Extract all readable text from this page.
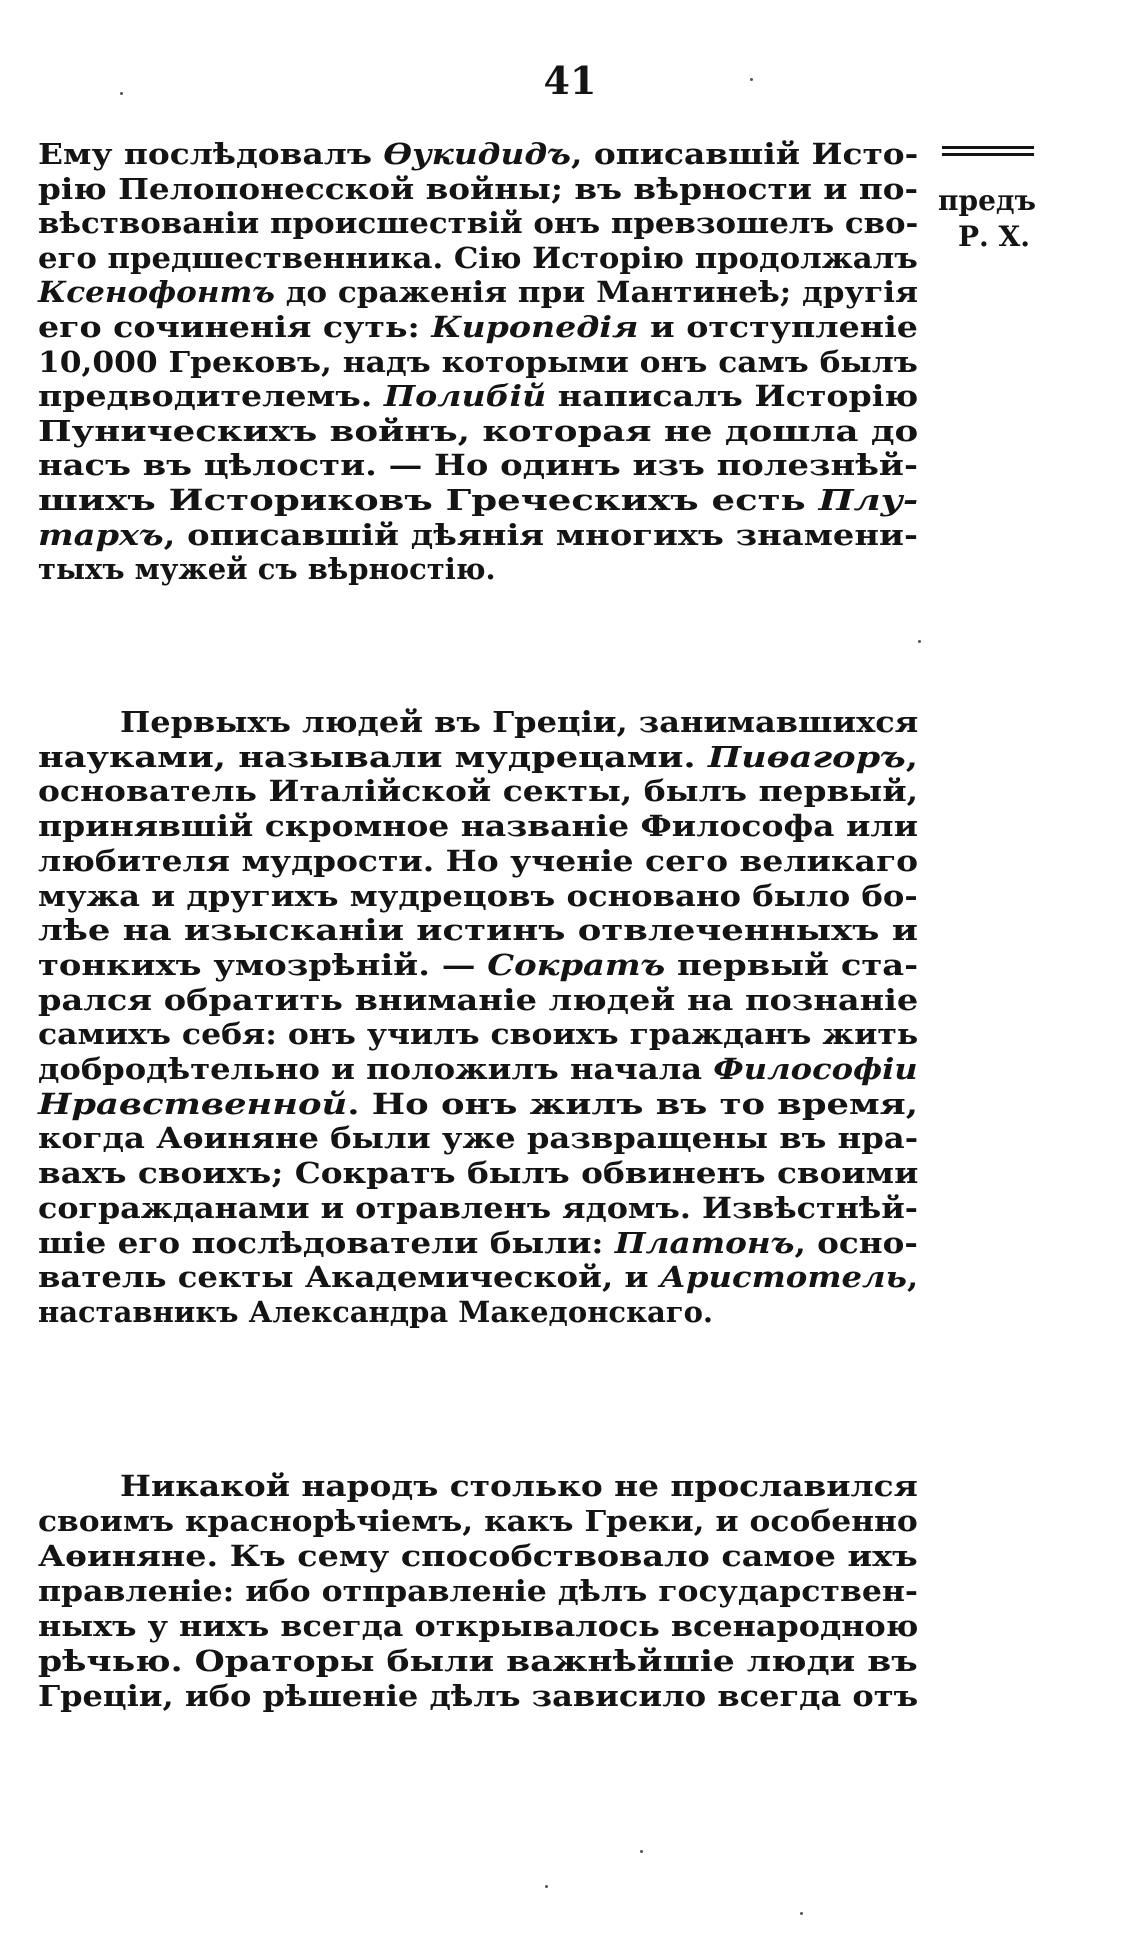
41
предъ
Р. Х.
Ему послѣдовалъ Ѳукидидъ, описавшій Исто-
рію Пелопонесской войны; въ вѣрности и по-
вѣствованіи происшествій онъ превзошелъ сво-
его предшественника. Сію Исторію продолжалъ
Ксенофонтъ до сраженія при Мантинеѣ; другія
его сочиненія суть: Киропедія и отступленіе
10,000 Грековъ, надъ которыми онъ самъ былъ
предводителемъ. Полибій написалъ Исторію
Пуническихъ войнъ, которая не дошла до
насъ въ цѣлости. — Но одинъ изъ полезнѣй-
шихъ Историковъ Греческихъ есть Плу-
тархъ, описавшій дѣянія многихъ знамени-
тыхъ мужей съ вѣрностію.
Первыхъ людей въ Греціи, занимавшихся
науками, называли мудрецами. Пиѳагоръ,
основатель Италійской секты, былъ первый,
принявшій скромное названіе Философа или
любителя мудрости. Но ученіе сего великаго
мужа и другихъ мудрецовъ основано было бо-
лѣе на изысканіи истинъ отвлеченныхъ и
тонкихъ умозрѣній. — Сократъ первый ста-
рался обратить вниманіе людей на познаніе
самихъ себя: онъ училъ своихъ гражданъ жить
добродѣтельно и положилъ начала Философіи
Нравственной. Но онъ жилъ въ то время,
когда Аѳиняне были уже развращены въ нра-
вахъ своихъ; Сократъ былъ обвиненъ своими
согражданами и отравленъ ядомъ. Извѣстнѣй-
шіе его послѣдователи были: Платонъ, осно-
ватель секты Академической, и Аристотель,
наставникъ Александра Македонскаго.
Никакой народъ столько не прославился
своимъ краснорѣчіемъ, какъ Греки, и особенно
Аѳиняне. Къ сему способствовало самое ихъ
правленіе: ибо отправленіе дѣлъ государствен-
ныхъ у нихъ всегда открывалось всенародною
рѣчью. Ораторы были важнѣйшіе люди въ
Греціи, ибо рѣшеніе дѣлъ зависило всегда отъ
